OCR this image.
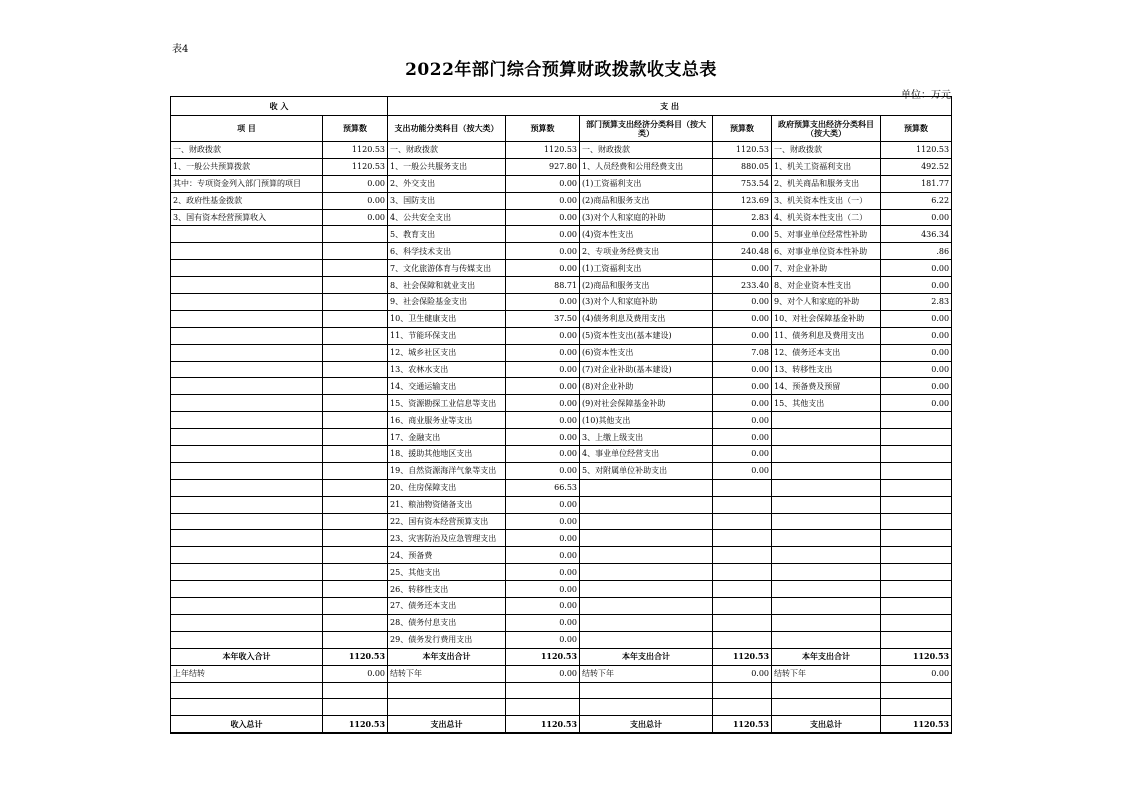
表4
2022年部门综合预算财政拨款收支总表
单位：万元
收 入		支 出					
项 目	预算数	支出功能分类科目（按大类）	预算数	部门预算支出经济分类科目（按大类）	预算数	政府预算支出经济分类科目（按大类）	预算数
一、财政拨款	1120.53	一、财政拨款	1120.53	一、财政拨款	1120.53	一、财政拨款	1120.53
1、一般公共预算拨款	1120.53	1、一般公共服务支出	927.80	1、人员经费和公用经费支出	880.05	1、机关工资福利支出	492.52
其中：专项资金列入部门预算的项目	0.00	2、外交支出	0.00	(1)工资福利支出	753.54	2、机关商品和服务支出	181.77
2、政府性基金拨款	0.00	3、国防支出	0.00	(2)商品和服务支出	123.69	3、机关资本性支出（一）	6.22
3、国有资本经营预算收入	0.00	4、公共安全支出	0.00	(3)对个人和家庭的补助	2.83	4、机关资本性支出（二）	0.00
		5、教育支出	0.00	(4)资本性支出	0.00	5、对事业单位经常性补助	436.34
		6、科学技术支出	0.00	2、专项业务经费支出	240.48	6、对事业单位资本性补助	.86
		7、文化旅游体育与传媒支出	0.00	(1)工资福利支出	0.00	7、对企业补助	0.00
		8、社会保障和就业支出	88.71	(2)商品和服务支出	233.40	8、对企业资本性支出	0.00
		9、社会保险基金支出	0.00	(3)对个人和家庭补助	0.00	9、对个人和家庭的补助	2.83
		10、卫生健康支出	37.50	(4)债务利息及费用支出	0.00	10、对社会保障基金补助	0.00
		11、节能环保支出	0.00	(5)资本性支出(基本建设)	0.00	11、债务利息及费用支出	0.00
		12、城乡社区支出	0.00	(6)资本性支出	7.08	12、债务还本支出	0.00
		13、农林水支出	0.00	(7)对企业补助(基本建设)	0.00	13、转移性支出	0.00
		14、交通运输支出	0.00	(8)对企业补助	0.00	14、预备费及预留	0.00
		15、资源勘探工业信息等支出	0.00	(9)对社会保障基金补助	0.00	15、其他支出	0.00
		16、商业服务业等支出	0.00	(10)其他支出	0.00		
		17、金融支出	0.00	3、上缴上级支出	0.00		
		18、援助其他地区支出	0.00	4、事业单位经营支出	0.00		
		19、自然资源海洋气象等支出	0.00	5、对附属单位补助支出	0.00		
		20、住房保障支出	66.53				
		21、粮油物资储备支出	0.00				
		22、国有资本经营预算支出	0.00				
		23、灾害防治及应急管理支出	0.00				
		24、预备费	0.00				
		25、其他支出	0.00				
		26、转移性支出	0.00				
		27、债务还本支出	0.00				
		28、债务付息支出	0.00				
		29、债务发行费用支出	0.00				
本年收入合计	1120.53	本年支出合计	1120.53	本年支出合计	1120.53	本年支出合计	1120.53
上年结转	0.00	结转下年	0.00	结转下年	0.00	结转下年	0.00

收入总计	1120.53	支出总计	1120.53	支出总计	1120.53	支出总计	1120.53
